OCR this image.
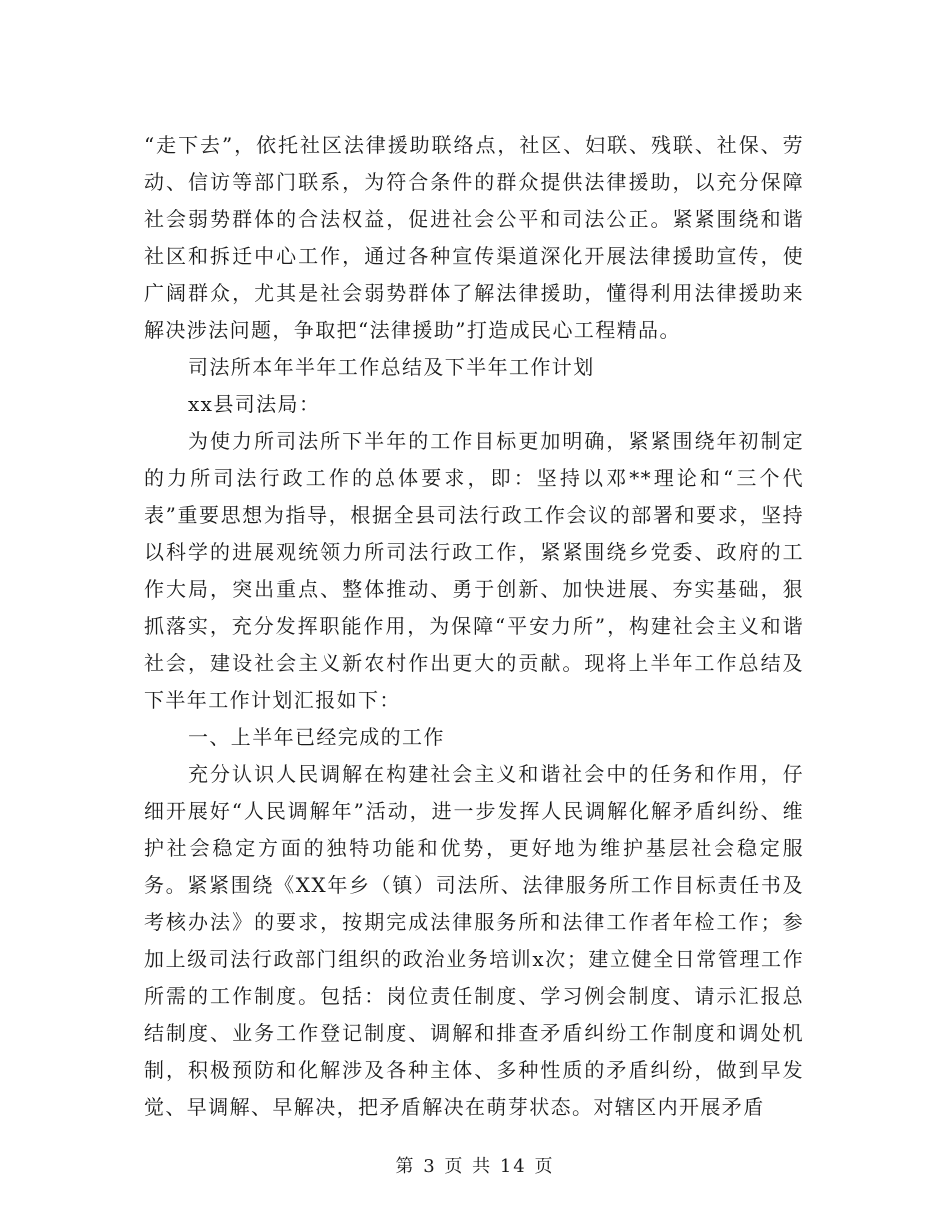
“走下去”，依托社区法律援助联络点，社区、妇联、残联、社保、劳动、信访等部门联系，为符合条件的群众提供法律援助，以充分保障社会弱势群体的合法权益，促进社会公平和司法公正。紧紧围绕和谐社区和拆迁中心工作，通过各种宣传渠道深化开展法律援助宣传，使广阔群众，尤其是社会弱势群体了解法律援助，懂得利用法律援助来解决涉法问题，争取把“法律援助”打造成民心工程精品。

司法所本年半年工作总结及下半年工作计划

xx县司法局：

为使力所司法所下半年的工作目标更加明确，紧紧围绕年初制定的力所司法行政工作的总体要求，即：坚持以邓**理论和“三个代表”重要思想为指导，根据全县司法行政工作会议的部署和要求，坚持以科学的进展观统领力所司法行政工作，紧紧围绕乡党委、政府的工作大局，突出重点、整体推动、勇于创新、加快进展、夯实基础，狠抓落实，充分发挥职能作用，为保障“平安力所”，构建社会主义和谐社会，建设社会主义新农村作出更大的贡献。现将上半年工作总结及下半年工作计划汇报如下：

一、上半年已经完成的工作

充分认识人民调解在构建社会主义和谐社会中的任务和作用，仔细开展好“人民调解年”活动，进一步发挥人民调解化解矛盾纠纷、维护社会稳定方面的独特功能和优势，更好地为维护基层社会稳定服务。紧紧围绕《XX年乡（镇）司法所、法律服务所工作目标责任书及考核办法》的要求，按期完成法律服务所和法律工作者年检工作；参加上级司法行政部门组织的政治业务培训x次；建立健全日常管理工作所需的工作制度。包括：岗位责任制度、学习例会制度、请示汇报总结制度、业务工作登记制度、调解和排查矛盾纠纷工作制度和调处机制，积极预防和化解涉及各种主体、多种性质的矛盾纠纷，做到早发觉、早调解、早解决，把矛盾解决在萌芽状态。对辖区内开展矛盾

第 3 页 共 14 页
